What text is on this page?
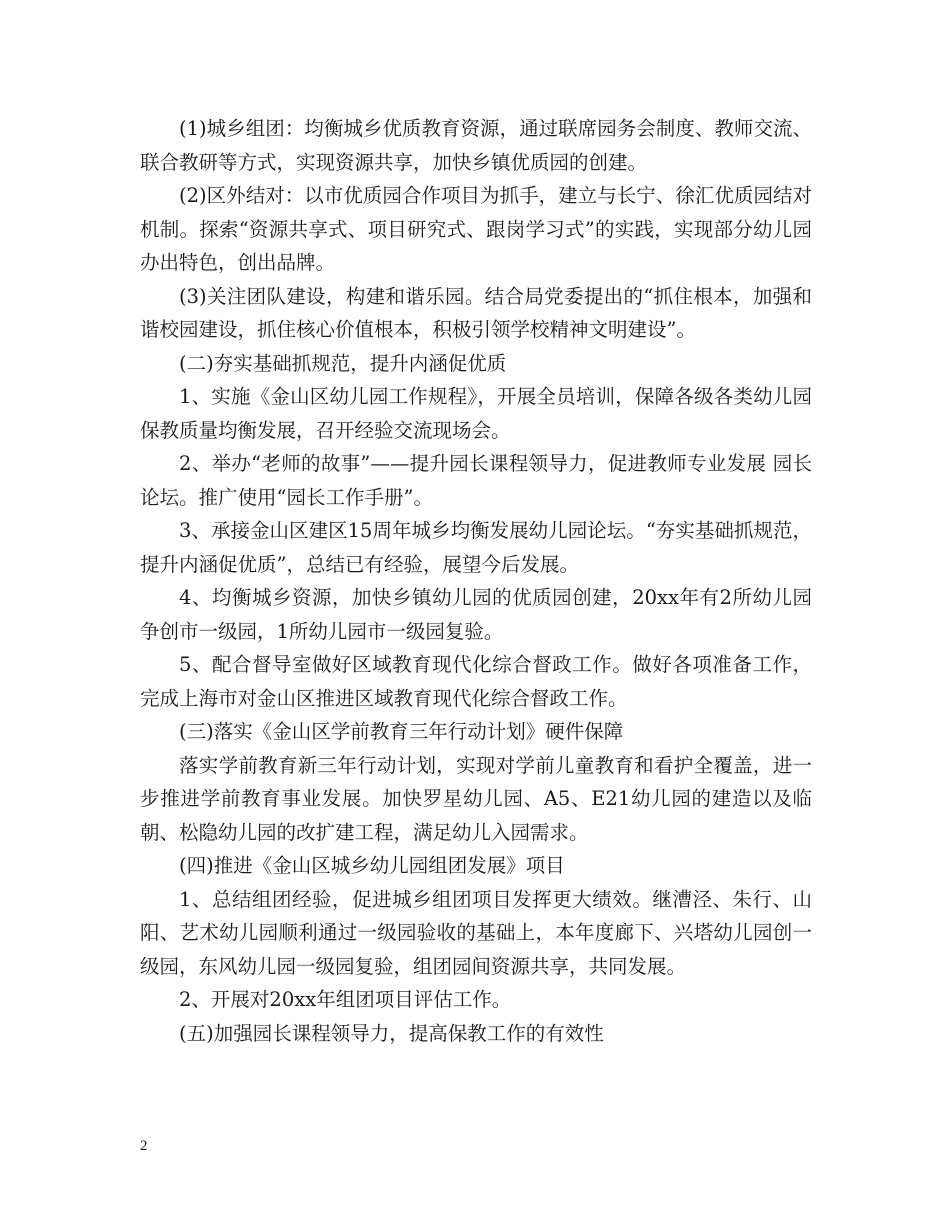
(1)城乡组团：均衡城乡优质教育资源，通过联席园务会制度、教师交流、联合教研等方式，实现资源共享，加快乡镇优质园的创建。

(2)区外结对：以市优质园合作项目为抓手，建立与长宁、徐汇优质园结对机制。探索“资源共享式、项目研究式、跟岗学习式”的实践，实现部分幼儿园办出特色，创出品牌。

(3)关注团队建设，构建和谐乐园。结合局党委提出的“抓住根本，加强和谐校园建设，抓住核心价值根本，积极引领学校精神文明建设”。

(二)夯实基础抓规范，提升内涵促优质

1、实施《金山区幼儿园工作规程》，开展全员培训，保障各级各类幼儿园保教质量均衡发展，召开经验交流现场会。

2、举办“老师的故事”——提升园长课程领导力，促进教师专业发展 园长论坛。推广使用“园长工作手册”。

3、承接金山区建区15周年城乡均衡发展幼儿园论坛。“夯实基础抓规范，提升内涵促优质”，总结已有经验，展望今后发展。

4、均衡城乡资源，加快乡镇幼儿园的优质园创建，20xx年有2所幼儿园争创市一级园，1所幼儿园市一级园复验。

5、配合督导室做好区域教育现代化综合督政工作。做好各项准备工作，完成上海市对金山区推进区域教育现代化综合督政工作。

(三)落实《金山区学前教育三年行动计划》硬件保障

落实学前教育新三年行动计划，实现对学前儿童教育和看护全覆盖，进一步推进学前教育事业发展。加快罗星幼儿园、A5、E21幼儿园的建造以及临朝、松隐幼儿园的改扩建工程，满足幼儿入园需求。

(四)推进《金山区城乡幼儿园组团发展》项目

1、总结组团经验，促进城乡组团项目发挥更大绩效。继漕泾、朱行、山阳、艺术幼儿园顺利通过一级园验收的基础上，本年度廊下、兴塔幼儿园创一级园，东风幼儿园一级园复验，组团园间资源共享，共同发展。

2、开展对20xx年组团项目评估工作。

(五)加强园长课程领导力，提高保教工作的有效性

2
